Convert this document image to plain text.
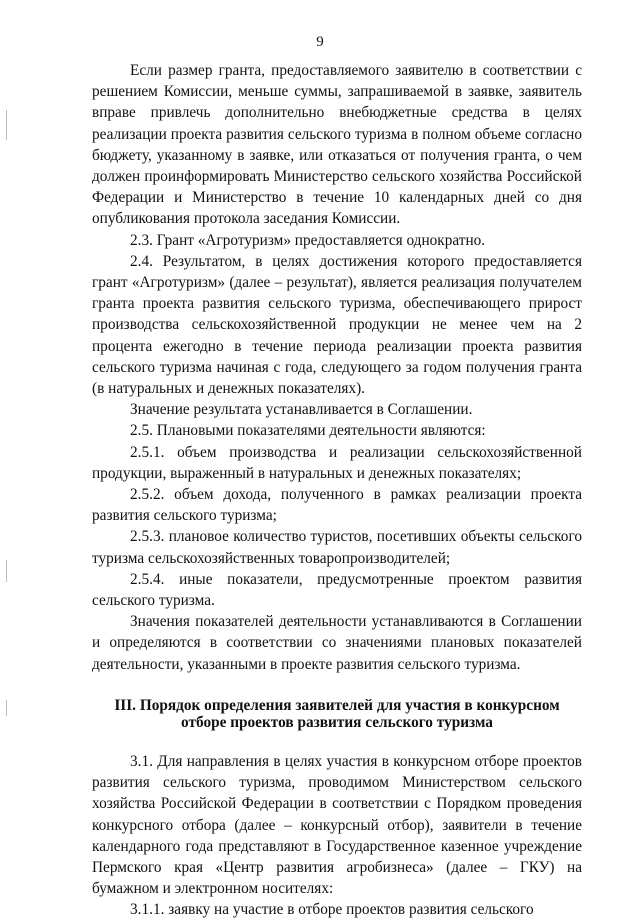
9

Если размер гранта, предоставляемого заявителю в соответствии с решением Комиссии, меньше суммы, запрашиваемой в заявке, заявитель вправе привлечь дополнительно внебюджетные средства в целях реализации проекта развития сельского туризма в полном объеме согласно бюджету, указанному в заявке, или отказаться от получения гранта, о чем должен проинформировать Министерство сельского хозяйства Российской Федерации и Министерство в течение 10 календарных дней со дня опубликования протокола заседания Комиссии.

2.3. Грант «Агротуризм» предоставляется однократно.

2.4. Результатом, в целях достижения которого предоставляется грант «Агротуризм» (далее – результат), является реализация получателем гранта проекта развития сельского туризма, обеспечивающего прирост производства сельскохозяйственной продукции не менее чем на 2 процента ежегодно в течение периода реализации проекта развития сельского туризма начиная с года, следующего за годом получения гранта (в натуральных и денежных показателях).

Значение результата устанавливается в Соглашении.

2.5. Плановыми показателями деятельности являются:

2.5.1. объем производства и реализации сельскохозяйственной продукции, выраженный в натуральных и денежных показателях;

2.5.2. объем дохода, полученного в рамках реализации проекта развития сельского туризма;

2.5.3. плановое количество туристов, посетивших объекты сельского туризма сельскохозяйственных товаропроизводителей;

2.5.4. иные показатели, предусмотренные проектом развития сельского туризма.

Значения показателей деятельности устанавливаются в Соглашении и определяются в соответствии со значениями плановых показателей деятельности, указанными в проекте развития сельского туризма.

III. Порядок определения заявителей для участия в конкурсном
отборе проектов развития сельского туризма

3.1. Для направления в целях участия в конкурсном отборе проектов развития сельского туризма, проводимом Министерством сельского хозяйства Российской Федерации в соответствии с Порядком проведения конкурсного отбора (далее – конкурсный отбор), заявители в течение календарного года представляют в Государственное казенное учреждение Пермского края «Центр развития агробизнеса» (далее – ГКУ) на бумажном и электронном носителях:

3.1.1. заявку на участие в отборе проектов развития сельского
